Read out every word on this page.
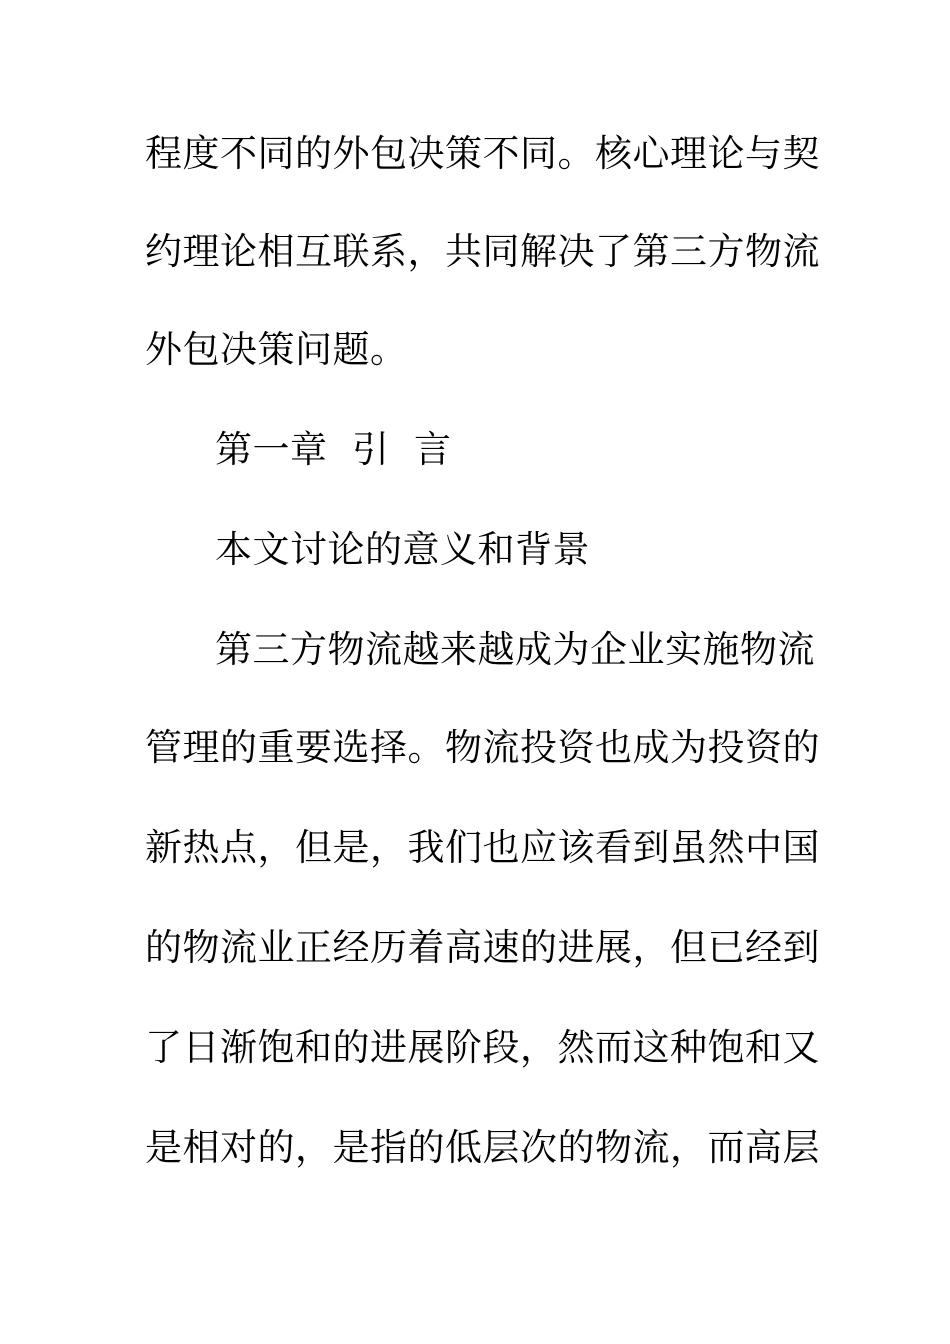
程度不同的外包决策不同。核心理论与契
约理论相互联系，共同解决了第三方物流
外包决策问题。
第一章  引  言
本文讨论的意义和背景
第三方物流越来越成为企业实施物流
管理的重要选择。物流投资也成为投资的
新热点，但是，我们也应该看到虽然中国
的物流业正经历着高速的进展，但已经到
了日渐饱和的进展阶段，然而这种饱和又
是相对的，是指的低层次的物流，而高层
